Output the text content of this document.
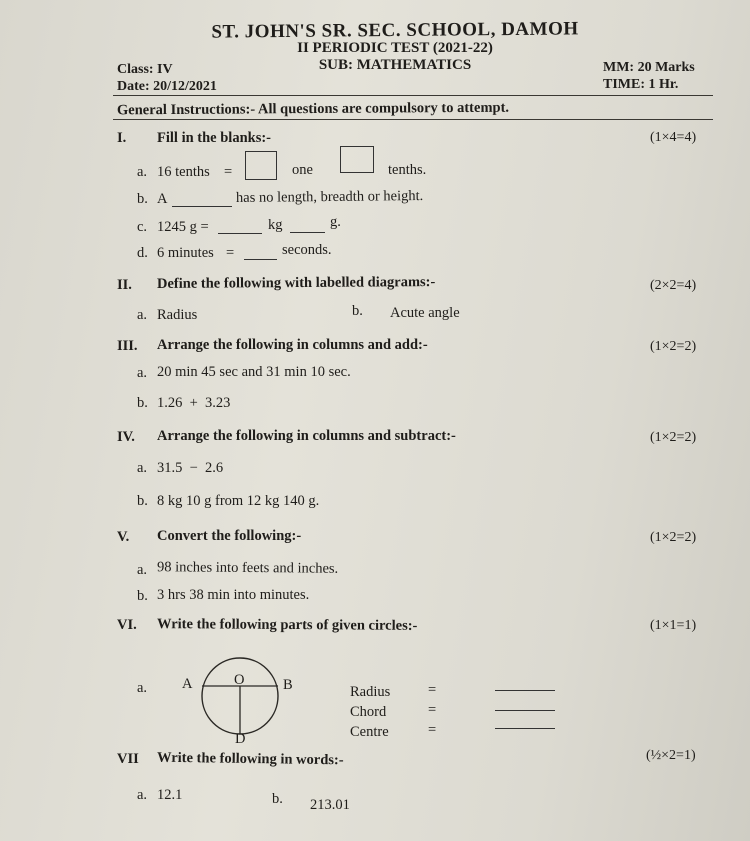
ST. JOHN'S SR. SEC. SCHOOL, DAMOH
II PERIODIC TEST (2021-22)
SUB: MATHEMATICS
Class: IV
Date: 20/12/2021
MM: 20 Marks
TIME: 1 Hr.
General Instructions:- All questions are compulsory to attempt.
I. Fill in the blanks:-	(1×4=4)
a. 16 tenths =	one	tenths.
b. A	has no length, breadth or height.
c. 1245 g =	kg	g.
d. 6 minutes =	seconds.
II. Define the following with labelled diagrams:-	(2×2=4)
a. Radius	b. Acute angle
III. Arrange the following in columns and add:-	(1×2=2)
a. 20 min 45 sec and 31 min 10 sec.
b. 1.26  +  3.23
IV. Arrange the following in columns and subtract:-	(1×2=2)
a. 31.5  −  2.6
b. 8 kg 10 g from 12 kg 140 g.
V. Convert the following:-	(1×2=2)
a. 98 inches into feets and inches.
b. 3 hrs 38 min into minutes.
VI. Write the following parts of given circles:-	(1×1=1)
a. A	O	B
D
Radius	=
Chord	=
Centre	=
VII Write the following in words:-	(½×2=1)
a. 12.1	b. 213.01
